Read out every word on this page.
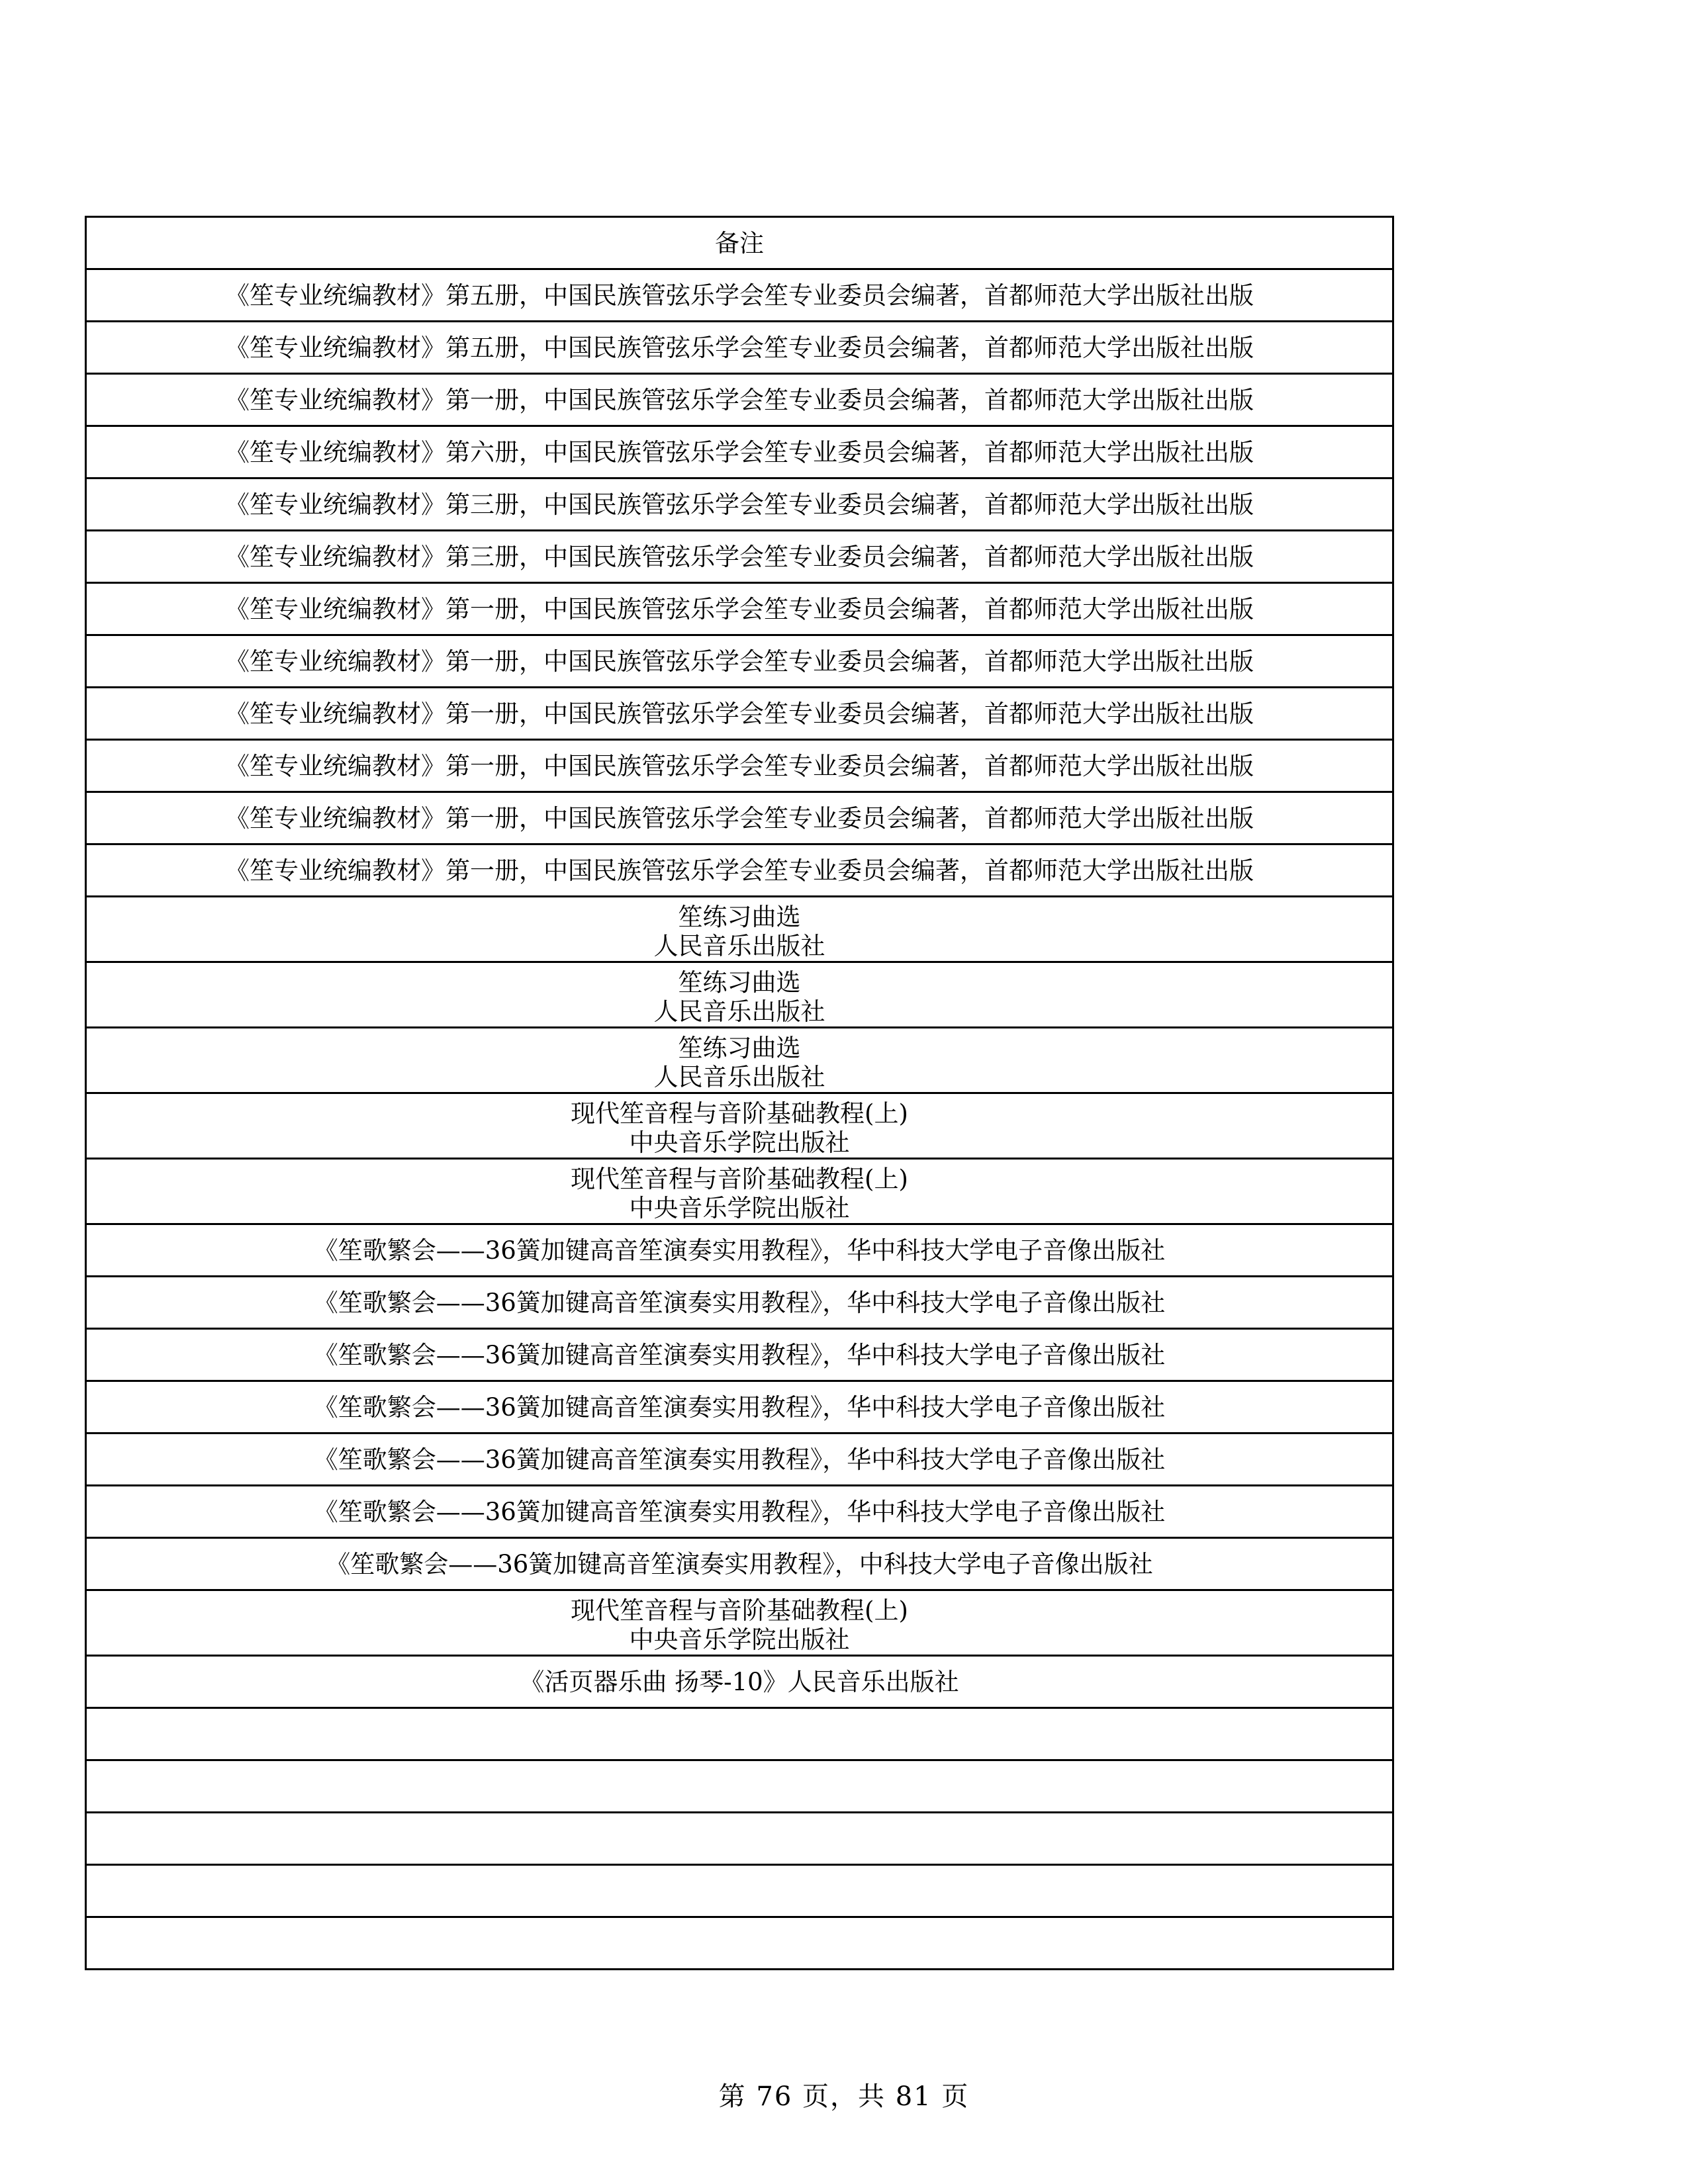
备注

《笙专业统编教材》第五册，中国民族管弦乐学会笙专业委员会编著，首都师范大学出版社出版

《笙专业统编教材》第五册，中国民族管弦乐学会笙专业委员会编著，首都师范大学出版社出版

《笙专业统编教材》第一册，中国民族管弦乐学会笙专业委员会编著，首都师范大学出版社出版

《笙专业统编教材》第六册，中国民族管弦乐学会笙专业委员会编著，首都师范大学出版社出版

《笙专业统编教材》第三册，中国民族管弦乐学会笙专业委员会编著，首都师范大学出版社出版

《笙专业统编教材》第三册，中国民族管弦乐学会笙专业委员会编著，首都师范大学出版社出版

《笙专业统编教材》第一册，中国民族管弦乐学会笙专业委员会编著，首都师范大学出版社出版

《笙专业统编教材》第一册，中国民族管弦乐学会笙专业委员会编著，首都师范大学出版社出版

《笙专业统编教材》第一册，中国民族管弦乐学会笙专业委员会编著，首都师范大学出版社出版

《笙专业统编教材》第一册，中国民族管弦乐学会笙专业委员会编著，首都师范大学出版社出版

《笙专业统编教材》第一册，中国民族管弦乐学会笙专业委员会编著，首都师范大学出版社出版

《笙专业统编教材》第一册，中国民族管弦乐学会笙专业委员会编著，首都师范大学出版社出版

笙练习曲选
人民音乐出版社

笙练习曲选
人民音乐出版社

笙练习曲选
人民音乐出版社

现代笙音程与音阶基础教程(上)
中央音乐学院出版社

现代笙音程与音阶基础教程(上)
中央音乐学院出版社

《笙歌繁会——36簧加键高音笙演奏实用教程》，华中科技大学电子音像出版社

《笙歌繁会——36簧加键高音笙演奏实用教程》，华中科技大学电子音像出版社

《笙歌繁会——36簧加键高音笙演奏实用教程》，华中科技大学电子音像出版社

《笙歌繁会——36簧加键高音笙演奏实用教程》，华中科技大学电子音像出版社

《笙歌繁会——36簧加键高音笙演奏实用教程》，华中科技大学电子音像出版社

《笙歌繁会——36簧加键高音笙演奏实用教程》，华中科技大学电子音像出版社

《笙歌繁会——36簧加键高音笙演奏实用教程》，中科技大学电子音像出版社

现代笙音程与音阶基础教程(上)
中央音乐学院出版社

《活页器乐曲 扬琴-10》人民音乐出版社

第 76 页，共 81 页
